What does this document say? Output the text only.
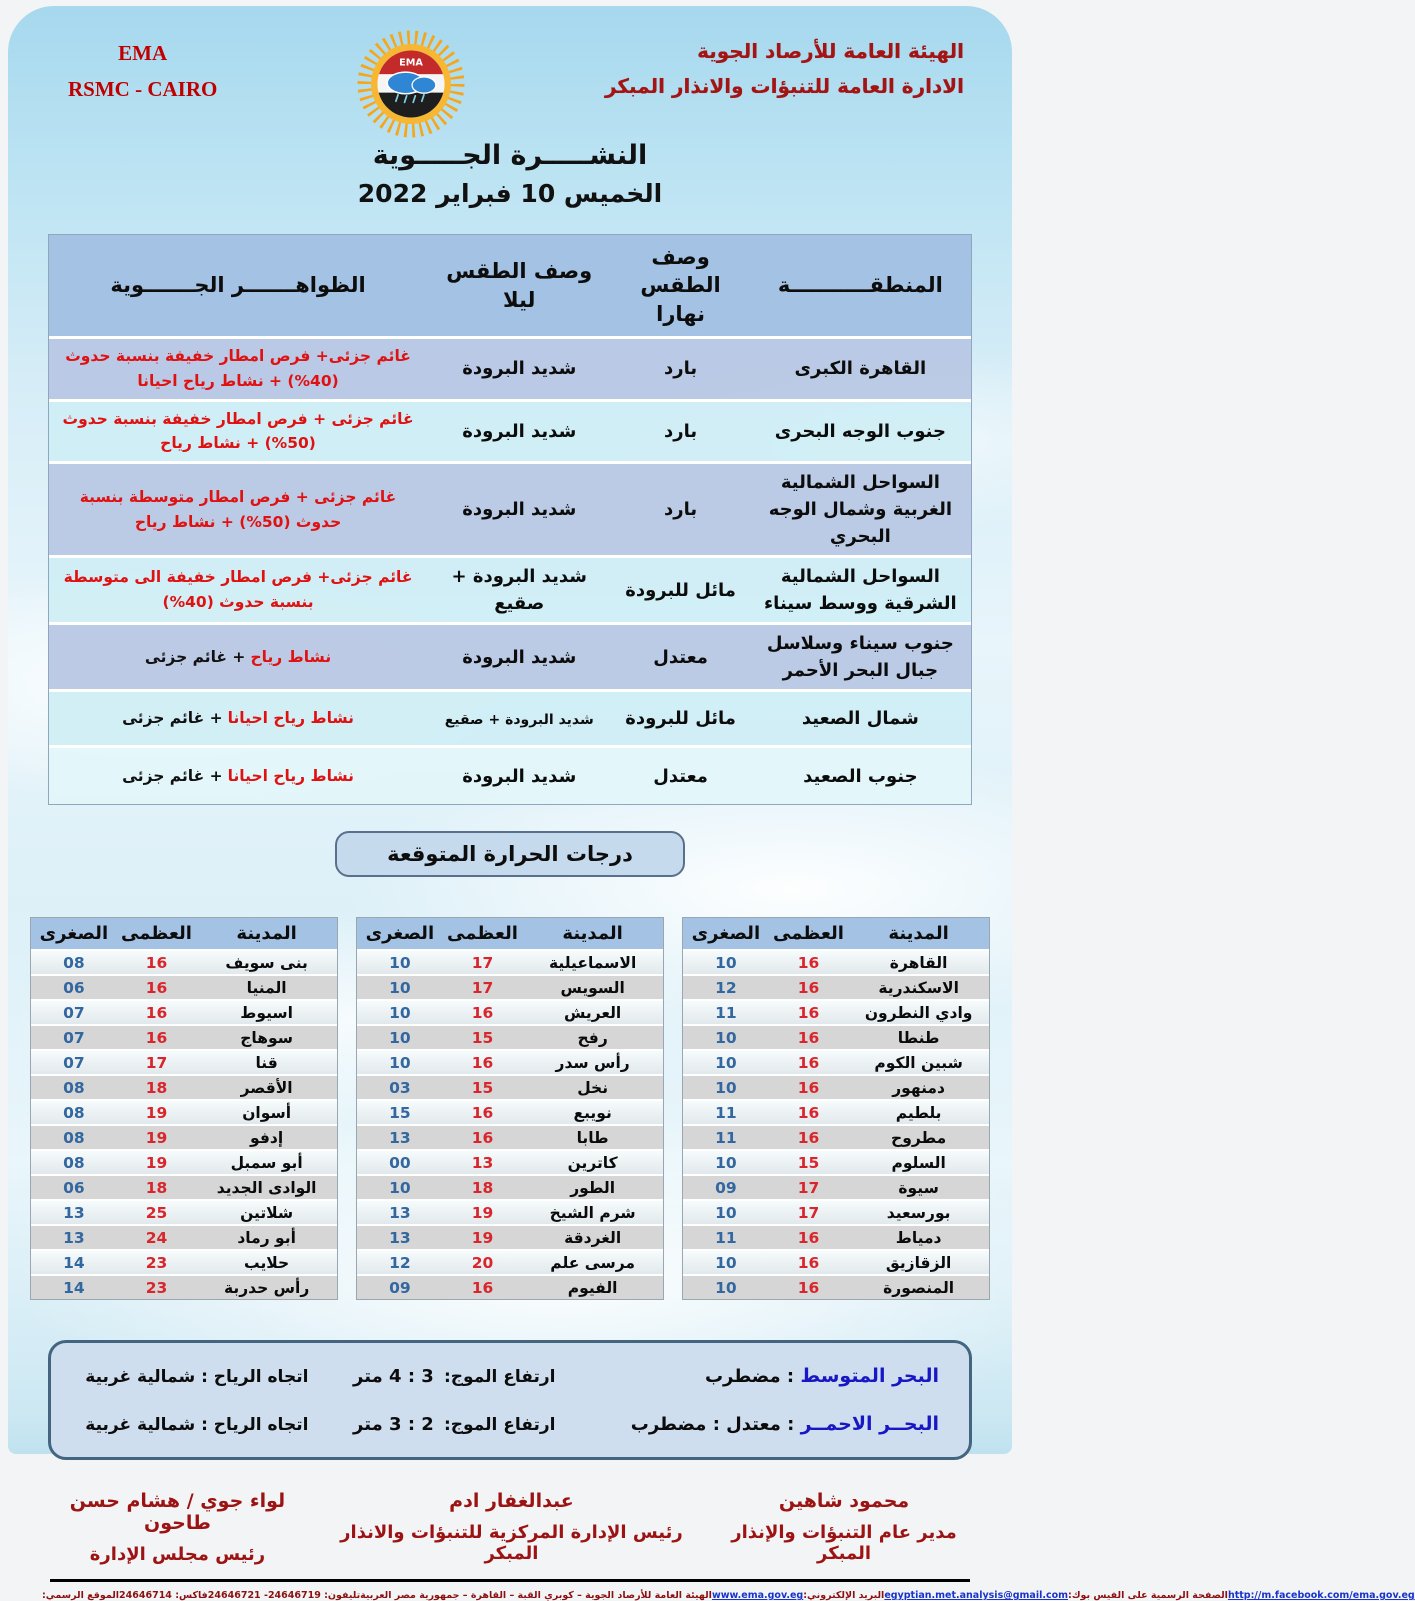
EMA
RSMC - CAIRO
EMA
الهيئة العامة للأرصاد الجوية
الادارة العامة للتنبؤات والانذار المبكر
النشـــــرة الجـــــوية
الخميس 10 فبراير 2022
المنطقـــــــــــة
وصف الطقس نهارا
وصف الطقس ليلا
الظواهـــــــر الجـــــــوية
القاهرة الكبرى
بارد
شديد البرودة
غائم جزئى+ فرص امطار خفيفة بنسبة حدوث (40%) + نشاط رياح احيانا
جنوب الوجه البحرى
بارد
شديد البرودة
غائم جزئى + فرص امطار خفيفة بنسبة حدوث (50%) + نشاط رياح
السواحل الشمالية الغربية وشمال الوجه البحري
بارد
شديد البرودة
غائم جزئى + فرص امطار متوسطة بنسبة حدوث (50%) + نشاط رياح
السواحل الشمالية الشرقية ووسط سيناء
مائل للبرودة
شديد البرودة + صقيع
غائم جزئى+ فرص امطار خفيفة الى متوسطة بنسبة حدوث (40%)
جنوب سيناء وسلاسل جبال البحر الأحمر
معتدل
شديد البرودة
نشاط رياح + غائم جزئى
شمال الصعيد
مائل للبرودة
شديد البرودة + صقيع
نشاط رياح احيانا + غائم جزئى
جنوب الصعيد
معتدل
شديد البرودة
نشاط رياح احيانا + غائم جزئى
درجات الحرارة المتوقعة
المدينة
العظمى
الصغرى
القاهرة
16
10
الاسكندرية
16
12
وادي النطرون
16
11
طنطا
16
10
شبين الكوم
16
10
دمنهور
16
10
بلطيم
16
11
مطروح
16
11
السلوم
15
10
سيوة
17
09
بورسعيد
17
10
دمياط
16
11
الزقازيق
16
10
المنصورة
16
10
المدينة
العظمى
الصغرى
الاسماعيلية
17
10
السويس
17
10
العريش
16
10
رفح
15
10
رأس سدر
16
10
نخل
15
03
نويبع
16
15
طابا
16
13
كاترين
13
00
الطور
18
10
شرم الشيخ
19
13
الغردقة
19
13
مرسى علم
20
12
الفيوم
16
09
المدينة
العظمى
الصغرى
بنى سويف
16
08
المنيا
16
06
اسيوط
16
07
سوهاج
16
07
قنا
17
07
الأقصر
18
08
أسوان
19
08
إدفو
19
08
أبو سمبل
19
08
الوادى الجديد
18
06
شلاتين
25
13
أبو رماد
24
13
حلايب
23
14
رأس حدربة
23
14
البحر المتوسط : مضطرب
ارتفاع الموج:  3 : 4 متر
اتجاه الرياح : شمالية غربية
البحــر الاحمــر : معتدل : مضطرب
ارتفاع الموج:  2 : 3 متر
اتجاه الرياح : شمالية غربية
محمود شاهين
مدير عام التنبؤات والإنذار المبكر
عبدالغفار ادم
رئيس الإدارة المركزية للتنبؤات والانذار المبكر
لواء جوي / هشام حسن طاحون
رئيس مجلس الإدارة
الموقع الرسمي: فاكس: 24646714 تليفون: 24646719- 24646721 الهيئة العامة للأرصاد الجوية – كوبري القبة – القاهرة – جمهورية مصر العربية www.ema.gov.eg البريد الإلكتروني: egyptian.met.analysis@gmail.com الصفحة الرسمية على الفيس بوك: http://m.facebook.com/ema.gov.eg
